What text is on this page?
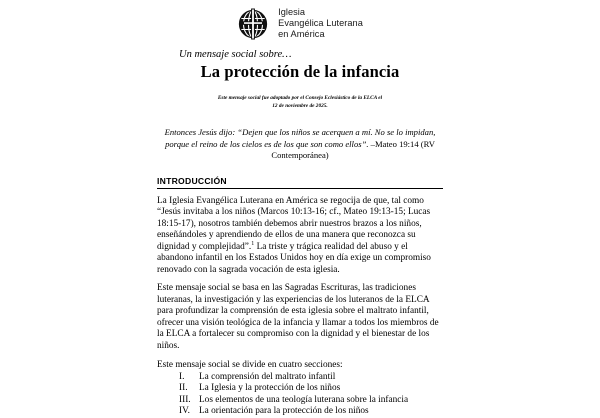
Iglesia
Evangélica Luterana
en América

Un mensaje social sobre…

La protección de la infancia

Este mensaje social fue adoptado por el Consejo Eclesiástico de la ELCA el
12 de noviembre de 2025.

Entonces Jesús dijo: “Dejen que los niños se acerquen a mí. No se lo impidan, porque el reino de los cielos es de los que son como ellos”. –Mateo 19:14 (RV Contemporánea)

INTRODUCCIÓN

La Iglesia Evangélica Luterana en América se regocija de que, tal como “Jesús invitaba a los niños (Marcos 10:13-16; cf., Mateo 19:13-15; Lucas 18:15-17), nosotros también debemos abrir nuestros brazos a los niños, enseñándoles y aprendiendo de ellos de una manera que reconozca su dignidad y complejidad”.$^1$ La triste y trágica realidad del abuso y el abandono infantil en los Estados Unidos hoy en día exige un compromiso renovado con la sagrada vocación de esta iglesia.

Este mensaje social se basa en las Sagradas Escrituras, las tradiciones luteranas, la investigación y las experiencias de los luteranos de la ELCA para profundizar la comprensión de esta iglesia sobre el maltrato infantil, ofrecer una visión teológica de la infancia y llamar a todos los miembros de la ELCA a fortalecer su compromiso con la dignidad y el bienestar de los niños.

Este mensaje social se divide en cuatro secciones:

I.	La comprensión del maltrato infantil
II.	La Iglesia y la protección de los niños
III. Los elementos de una teología luterana sobre la infancia
IV. La orientación para la protección de los niños
